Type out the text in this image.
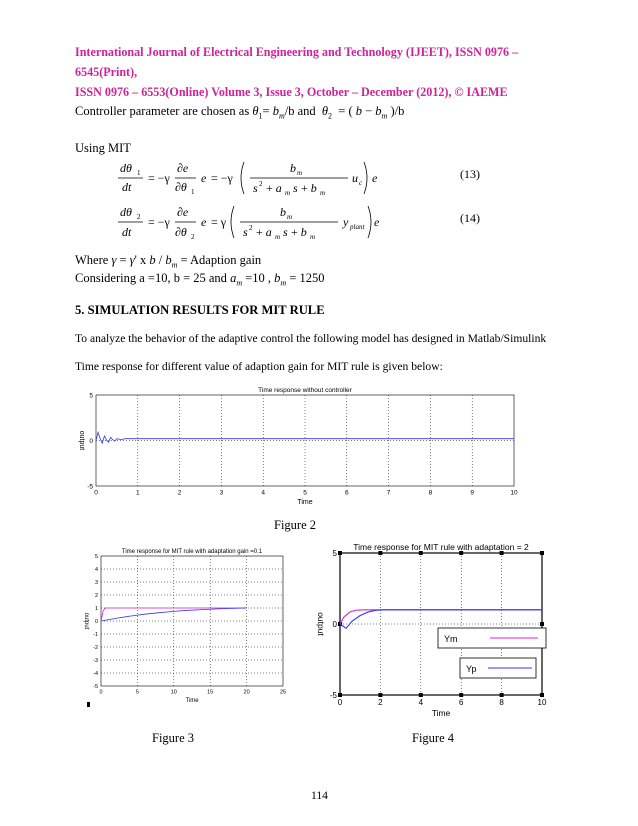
International Journal of Electrical Engineering and Technology (IJEET), ISSN 0976 – 6545(Print),
ISSN 0976 – 6553(Online) Volume 3, Issue 3, October – December (2012), © IAEME
Controller parameter are chosen as $\theta_1= b_m/b$ and  $\theta_2$  = ( $b - b_m$ )/b
Using MIT
dθ 1
dt
= −γ
∂e
∂θ 1
e = −γ
b m
s 2 + a m s + b m
u c e	(13)
dθ 2
dt
= −γ
∂e
∂θ 2
e = γ
b m
s 2 + a m s + b m
y plant e	(14)
Where γ = γ' x b / $b_m$ = Adaption gain
Considering a =10, b = 25 and $a_m =10$ , $b_m = 1250$
5. SIMULATION RESULTS FOR MIT RULE
To analyze the behavior of the adaptive control the following model has designed in Matlab/Simulink
Time response for different value of adaption gain for MIT rule is given below:
0	1	2	3	4	5	6	7	8	9	10
5
0
-5
Time response without controller
Time
output
Figure 2
0	5	10	15	20	25
5
4
3
2
1
0
-1
-2
-3
-4
-5
Time response for MIT rule with adaptation gain =0.1
Time
output
0	2	4	6	8	10
5
0
-5
Time response for MIT rule with adaptation = 2
Time
output
Ym
Yp
Figure 3	Figure 4
114
